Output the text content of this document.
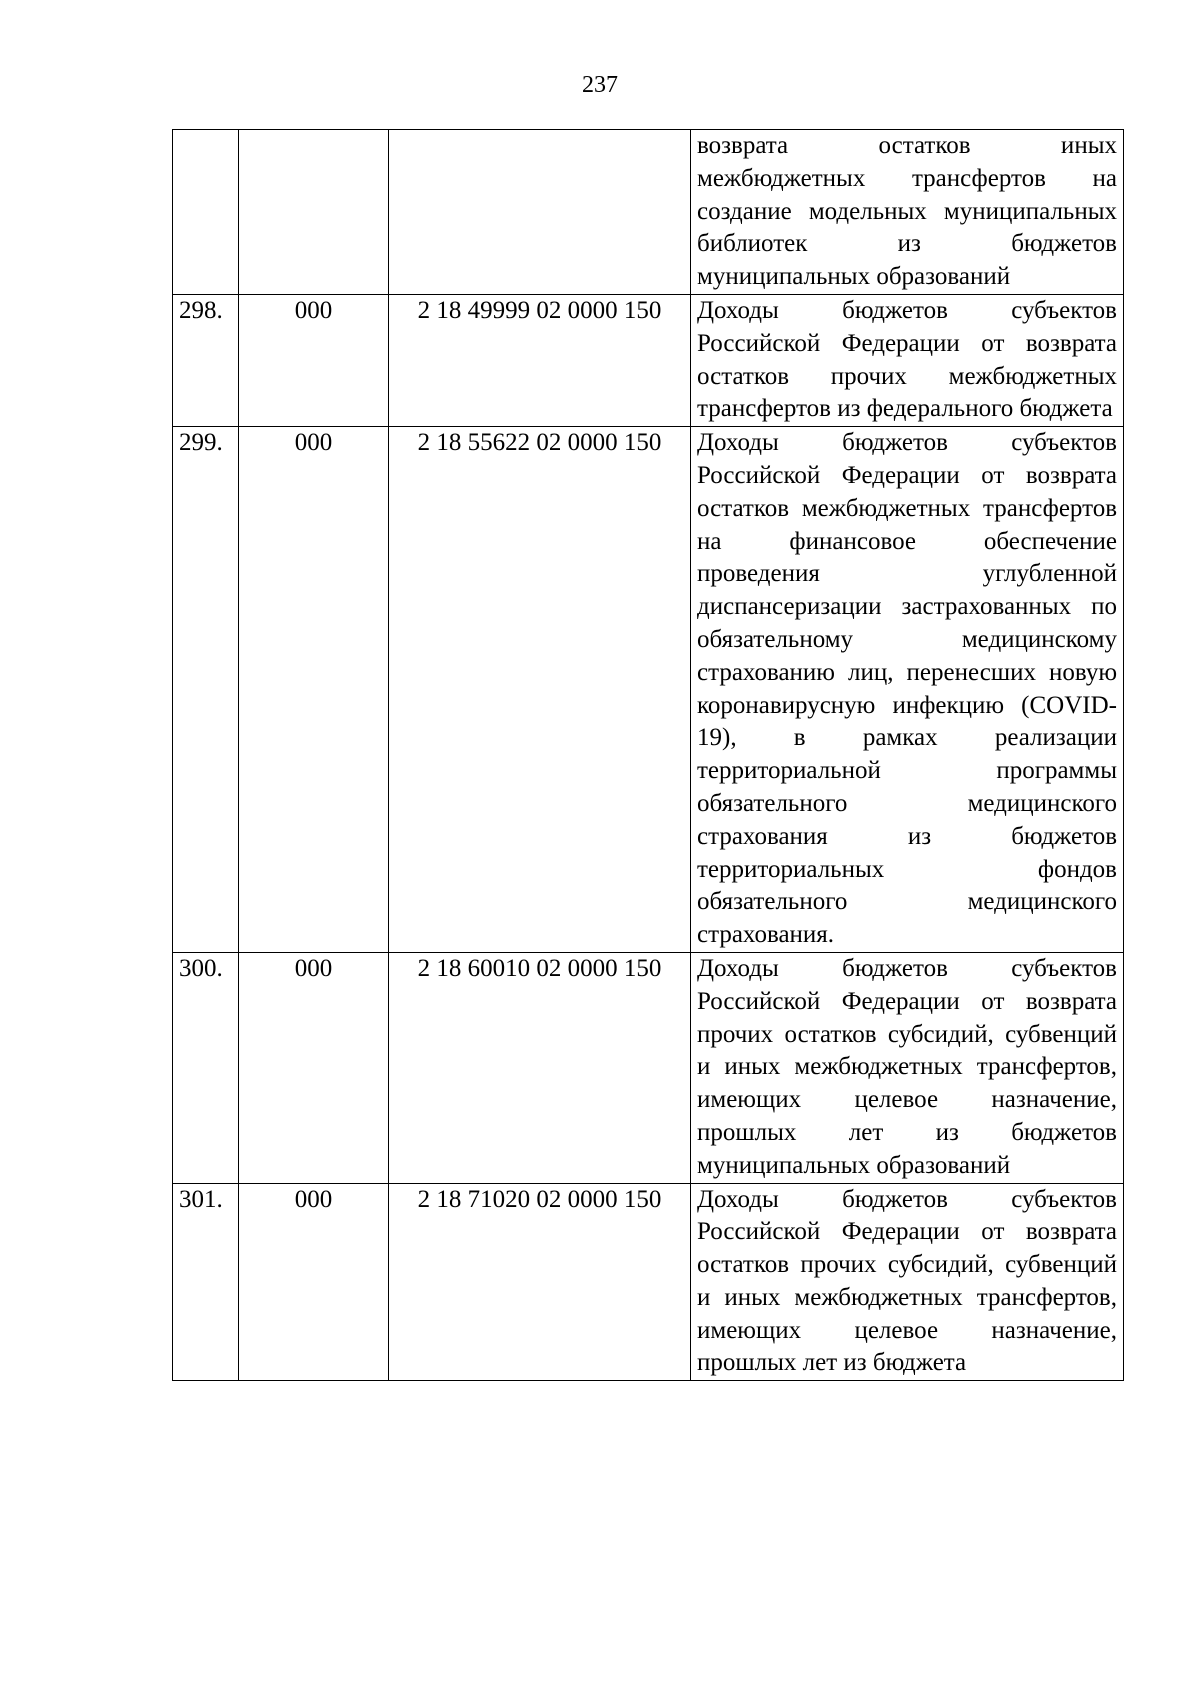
237
			возврата остатков иных межбюджетных трансфертов на создание модельных муниципальных библиотек из бюджетов муниципальных образований
298.	000	2 18 49999 02 0000 150	Доходы бюджетов субъектов Российской Федерации от возврата остатков прочих межбюджетных трансфертов из федерального бюджета
299.	000	2 18 55622 02 0000 150	Доходы бюджетов субъектов Российской Федерации от возврата остатков межбюджетных трансфертов на финансовое обеспечение проведения углубленной диспансеризации застрахованных по обязательному медицинскому страхованию лиц, перенесших новую коронавирусную инфекцию (COVID-19), в рамках реализации территориальной программы обязательного медицинского страхования из бюджетов территориальных фондов обязательного медицинского страхования.
300.	000	2 18 60010 02 0000 150	Доходы бюджетов субъектов Российской Федерации от возврата прочих остатков субсидий, субвенций и иных межбюджетных трансфертов, имеющих целевое назначение, прошлых лет из бюджетов муниципальных образований
301.	000	2 18 71020 02 0000 150	Доходы бюджетов субъектов Российской Федерации от возврата остатков прочих субсидий, субвенций и иных межбюджетных трансфертов, имеющих целевое назначение, прошлых лет из бюджета
